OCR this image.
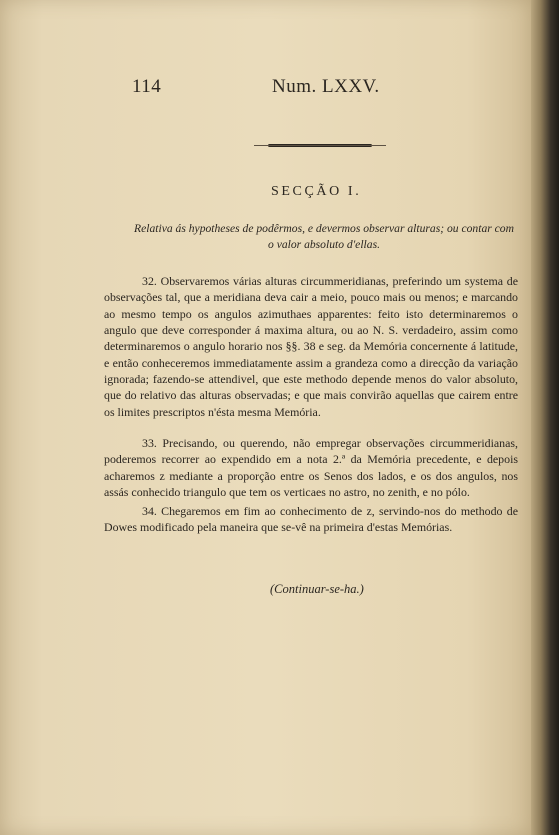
114	Num. LXXV.
SECÇÃO I.
Relativa ás hypotheses de podêrmos, e devermos observar alturas; ou contar com o valor absoluto d'ellas.
32. Observaremos várias alturas circummeridianas, preferindo um systema de observações tal, que a meridiana deva cair a meio, pouco mais ou menos; e marcando ao mesmo tempo os angulos azimuthaes apparentes: feito isto determinaremos o angulo que deve corresponder á maxima altura, ou ao N. S. verdadeiro, assim como determinaremos o angulo horario nos §§. 38 e seg. da Memória concernente á latitude, e então conheceremos immediatamente assim a grandeza como a direcção da variação ignorada; fazendo-se attendivel, que este methodo depende menos do valor absoluto, que do relativo das alturas observadas; e que mais convirão aquellas que cairem entre os limites prescriptos n'ésta mesma Memória.
33. Precisando, ou querendo, não empregar observações circummeridianas, poderemos recorrer ao expendido em a nota 2.ª da Memória precedente, e depois acharemos z mediante a proporção entre os Senos dos lados, e os dos angulos, nos assás conhecido triangulo que tem os verticaes no astro, no zenith, e no pólo.
34. Chegaremos em fim ao conhecimento de z, servindo-nos do methodo de Dowes modificado pela maneira que se-vê na primeira d'estas Memórias.
(Continuar-se-ha.)
